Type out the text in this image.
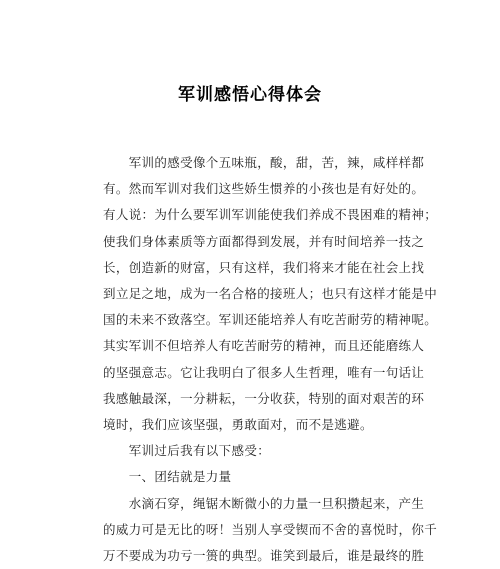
军训感悟心得体会
　　军训的感受像个五味瓶，酸，甜，苦，辣，咸样样都
有。然而军训对我们这些娇生惯养的小孩也是有好处的。
有人说：为什么要军训军训能使我们养成不畏困难的精神；
使我们身体素质等方面都得到发展，并有时间培养一技之
长，创造新的财富，只有这样，我们将来才能在社会上找
到立足之地，成为一名合格的接班人；也只有这样才能是中
国的未来不致落空。军训还能培养人有吃苦耐劳的精神呢。
其实军训不但培养人有吃苦耐劳的精神，而且还能磨练人
的坚强意志。它让我明白了很多人生哲理，唯有一句话让
我感触最深，一分耕耘，一分收获，特别的面对艰苦的环
境时，我们应该坚强，勇敢面对，而不是逃避。
　　军训过后我有以下感受：
　　一、团结就是力量
　　水滴石穿，绳锯木断微小的力量一旦积攒起来，产生
的威力可是无比的呀！当别人享受锲而不舍的喜悦时，你千
万不要成为功亏一篑的典型。谁笑到最后，谁是最终的胜
